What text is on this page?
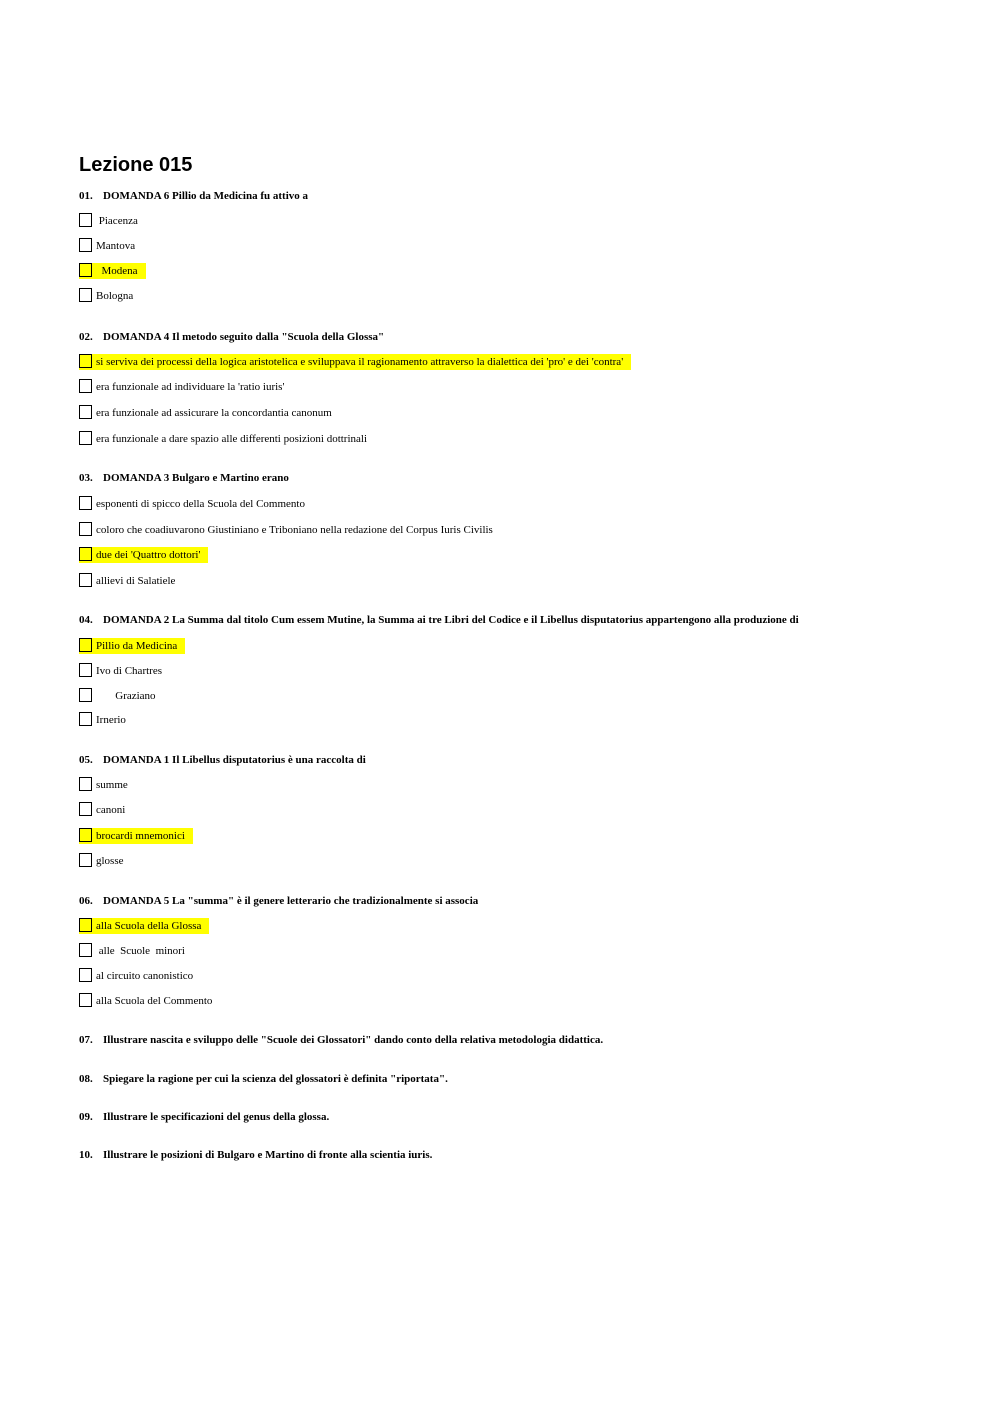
Lezione 015
01. DOMANDA 6 Pillio da Medicina fu attivo a
Piacenza
Mantova
Modena
Bologna
02. DOMANDA 4 Il metodo seguito dalla "Scuola della Glossa"
si serviva dei processi della logica aristotelica e sviluppava il ragionamento attraverso la dialettica dei 'pro' e dei 'contra'
era funzionale ad individuare la 'ratio iuris'
era funzionale ad assicurare la concordantia canonum
era funzionale a dare spazio alle differenti posizioni dottrinali
03. DOMANDA 3 Bulgaro e Martino erano
esponenti di spicco della Scuola del Commento
coloro che coadiuvarono Giustiniano e Triboniano nella redazione del Corpus Iuris Civilis
due dei 'Quattro dottori'
allievi di Salatiele
04. DOMANDA 2 La Summa dal titolo Cum essem Mutine, la Summa ai tre Libri del Codice e il Libellus disputatorius appartengono alla produzione di
Pillio da Medicina
Ivo di Chartres
Graziano
Irnerio
05. DOMANDA 1 Il Libellus disputatorius è una raccolta di
summe
canoni
brocardi mnemonici
glosse
06. DOMANDA 5 La "summa" è il genere letterario che tradizionalmente si associa
alla Scuola della Glossa
alle  Scuole  minori
al circuito canonistico
alla Scuola del Commento
07. Illustrare nascita e sviluppo delle "Scuole dei Glossatori" dando conto della relativa metodologia didattica.
08. Spiegare la ragione per cui la scienza del glossatori è definita "riportata".
09. Illustrare le specificazioni del genus della glossa.
10. Illustrare le posizioni di Bulgaro e Martino di fronte alla scientia iuris.
